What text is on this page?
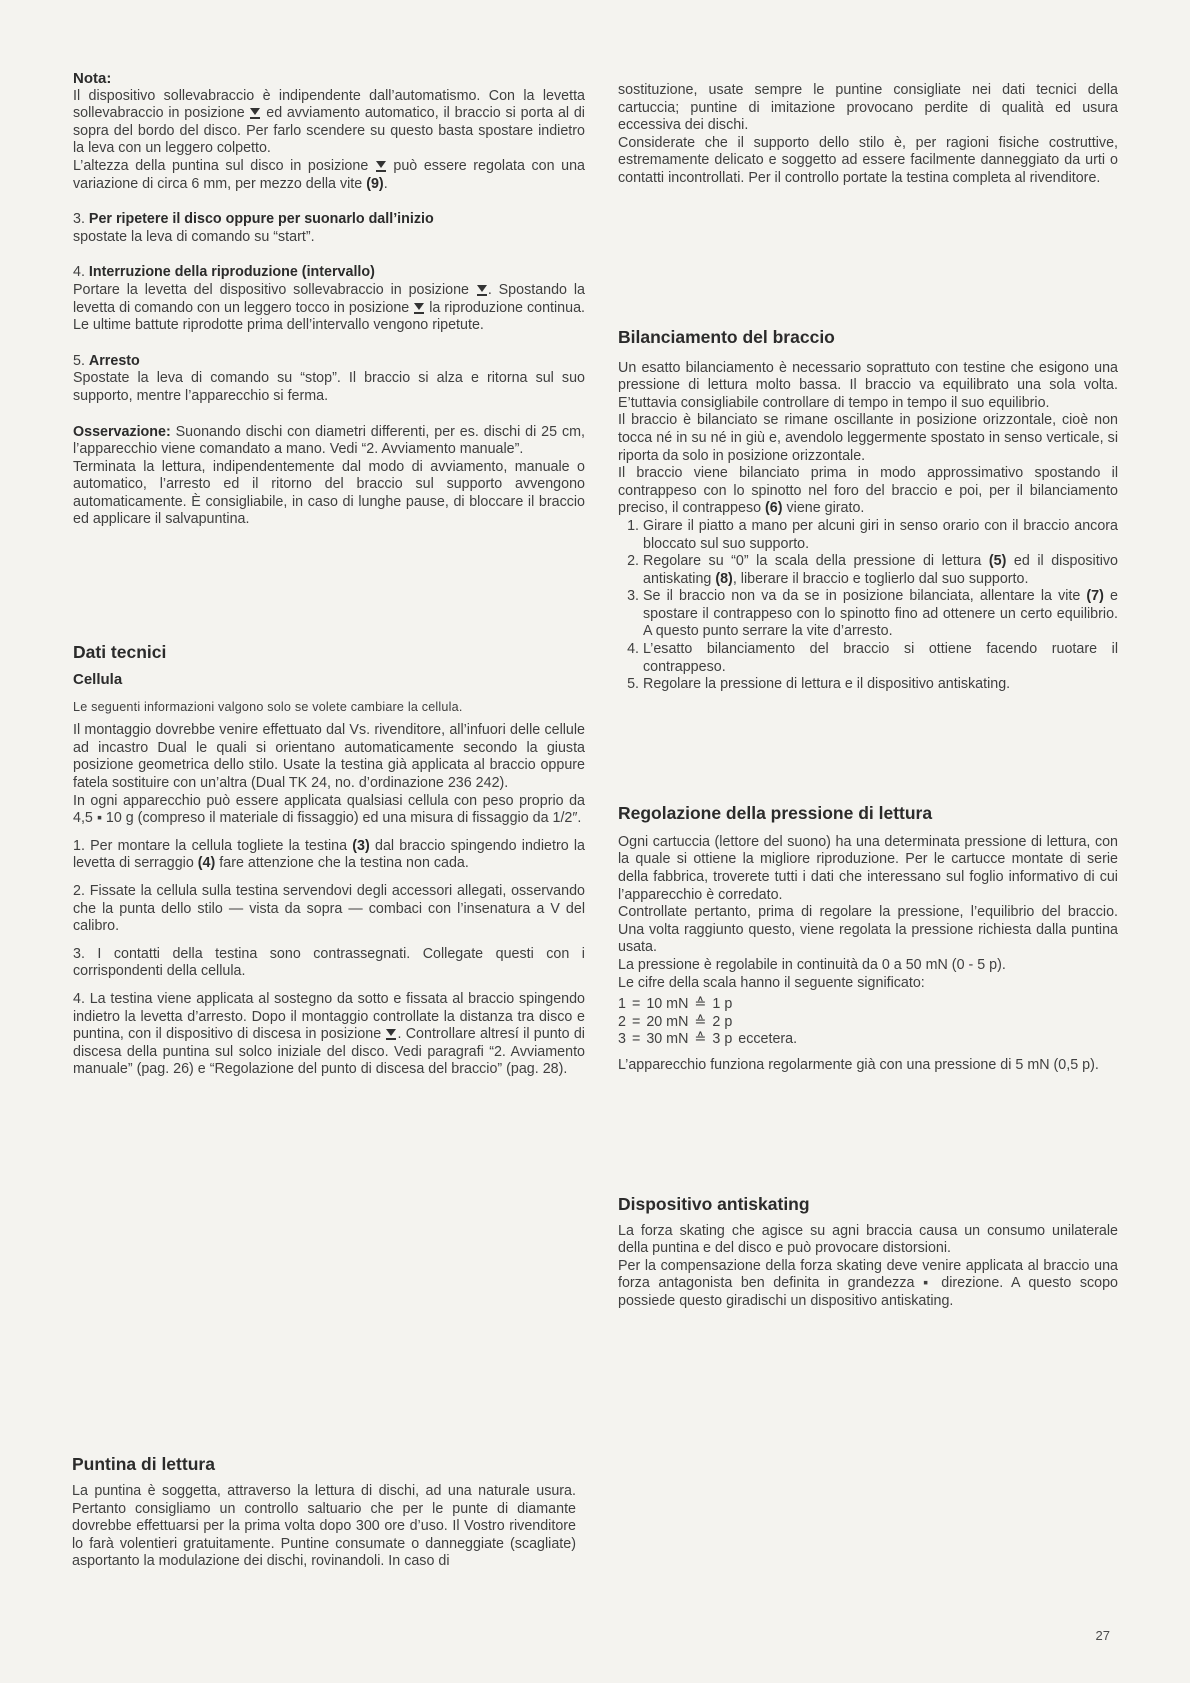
Nota:

Il dispositivo sollevabraccio è indipendente dall’automatismo. Con la levetta sollevabraccio in posizione ed avviamento automatico, il braccio si porta al di sopra del bordo del disco. Per farlo scendere su questo basta spostare indietro la leva con un leggero colpetto.

L’altezza della puntina sul disco in posizione può essere regolata con una variazione di circa 6 mm, per mezzo della vite (9).

3. Per ripetere il disco oppure per suonarlo dall’inizio

spostate la leva di comando su “start”.

4. Interruzione della riproduzione (intervallo)

Portare la levetta del dispositivo sollevabraccio in posizione . Spostando la levetta di comando con un leggero tocco in posizione la riproduzione continua. Le ultime battute riprodotte prima dell’intervallo vengono ripetute.

5. Arresto

Spostate la leva di comando su “stop”. Il braccio si alza e ritorna sul suo supporto, mentre l’apparecchio si ferma.

Osservazione: Suonando dischi con diametri differenti, per es. dischi di 25 cm, l’apparecchio viene comandato a mano. Vedi “2. Avviamento manuale”.

Terminata la lettura, indipendentemente dal modo di avviamento, manuale o automatico, l’arresto ed il ritorno del braccio sul supporto avvengono automaticamente. È consigliabile, in caso di lunghe pause, di bloccare il braccio ed applicare il salvapuntina.

Dati tecnici

Cellula

Le seguenti informazioni valgono solo se volete cambiare la cellula.

Il montaggio dovrebbe venire effettuato dal Vs. rivenditore, all’infuori delle cellule ad incastro Dual le quali si orientano automaticamente secondo la giusta posizione geometrica dello stilo. Usate la testina già applicata al braccio oppure fatela sostituire con un’altra (Dual TK 24, no. d’ordinazione 236 242).

In ogni apparecchio può essere applicata qualsiasi cellula con peso proprio da 4,5 ▪ 10 g (compreso il materiale di fissaggio) ed una misura di fissaggio da 1/2″.

1. Per montare la cellula togliete la testina (3) dal braccio spingendo indietro la levetta di serraggio (4) fare attenzione che la testina non cada.

2. Fissate la cellula sulla testina servendovi degli accessori allegati, osservando che la punta dello stilo — vista da sopra — combaci con l’insenatura a V del calibro.

3. I contatti della testina sono contrassegnati. Collegate questi con i corrispondenti della cellula.

4. La testina viene applicata al sostegno da sotto e fissata al braccio spingendo indietro la levetta d’arresto. Dopo il montaggio controllate la distanza tra disco e puntina, con il dispositivo di discesa in posizione . Controllare altresí il punto di discesa della puntina sul solco iniziale del disco. Vedi paragrafi “2. Avviamento manuale” (pag. 26) e “Regolazione del punto di discesa del braccio” (pag. 28).

Puntina di lettura

La puntina è soggetta, attraverso la lettura di dischi, ad una naturale usura. Pertanto consigliamo un controllo saltuario che per le punte di diamante dovrebbe effettuarsi per la prima volta dopo 300 ore d’uso. Il Vostro rivenditore lo farà volentieri gratuitamente. Puntine consumate o danneggiate (scagliate) asportanto la modulazione dei dischi, rovinandoli. In caso di

sostituzione, usate sempre le puntine consigliate nei dati tecnici della cartuccia; puntine di imitazione provocano perdite di qualità ed usura eccessiva dei dischi.

Considerate che il supporto dello stilo è, per ragioni fisiche costruttive, estremamente delicato e soggetto ad essere facilmente danneggiato da urti o contatti incontrollati. Per il controllo portate la testina completa al rivenditore.

Bilanciamento del braccio

Un esatto bilanciamento è necessario soprattuto con testine che esigono una pressione di lettura molto bassa. Il braccio va equilibrato una sola volta. E’tuttavia consigliabile controllare di tempo in tempo il suo equilibrio.

Il braccio è bilanciato se rimane oscillante in posizione orizzontale, cioè non tocca né in su né in giù e, avendolo leggermente spostato in senso verticale, si riporta da solo in posizione orizzontale.

Il braccio viene bilanciato prima in modo approssimativo spostando il contrappeso con lo spinotto nel foro del braccio e poi, per il bilanciamento preciso, il contrappeso (6) viene girato.

1. Girare il piatto a mano per alcuni giri in senso orario con il braccio ancora bloccato sul suo supporto.
2. Regolare su “0” la scala della pressione di lettura (5) ed il dispositivo antiskating (8), liberare il braccio e toglierlo dal suo supporto.
3. Se il braccio non va da se in posizione bilanciata, allentare la vite (7) e spostare il contrappeso con lo spinotto fino ad ottenere un certo equilibrio. A questo punto serrare la vite d’arresto.
4. L’esatto bilanciamento del braccio si ottiene facendo ruotare il contrappeso.
5. Regolare la pressione di lettura e il dispositivo antiskating.

Regolazione della pressione di lettura

Ogni cartuccia (lettore del suono) ha una determinata pressione di lettura, con la quale si ottiene la migliore riproduzione. Per le cartucce montate di serie della fabbrica, troverete tutti i dati che interessano sul foglio informativo di cui l’apparecchio è corredato.

Controllate pertanto, prima di regolare la pressione, l’equilibrio del braccio. Una volta raggiunto questo, viene regolata la pressione richiesta dalla puntina usata.

La pressione è regolabile in continuità da 0 a 50 mN (0 - 5 p).

Le cifre della scala hanno il seguente significato:

1	=	10 mN	≙	1 p	
2	=	20 mN	≙	2 p	
3	=	30 mN	≙	3 p	eccetera.

L’apparecchio funziona regolarmente già con una pressione di 5 mN (0,5 p).

Dispositivo antiskating

La forza skating che agisce su agni braccia causa un consumo unilaterale della puntina e del disco e può provocare distorsioni.

Per la compensazione della forza skating deve venire applicata al braccio una forza antagonista ben definita in grandezza ▪ direzione. A questo scopo possiede questo giradischi un dispositivo antiskating.

27
